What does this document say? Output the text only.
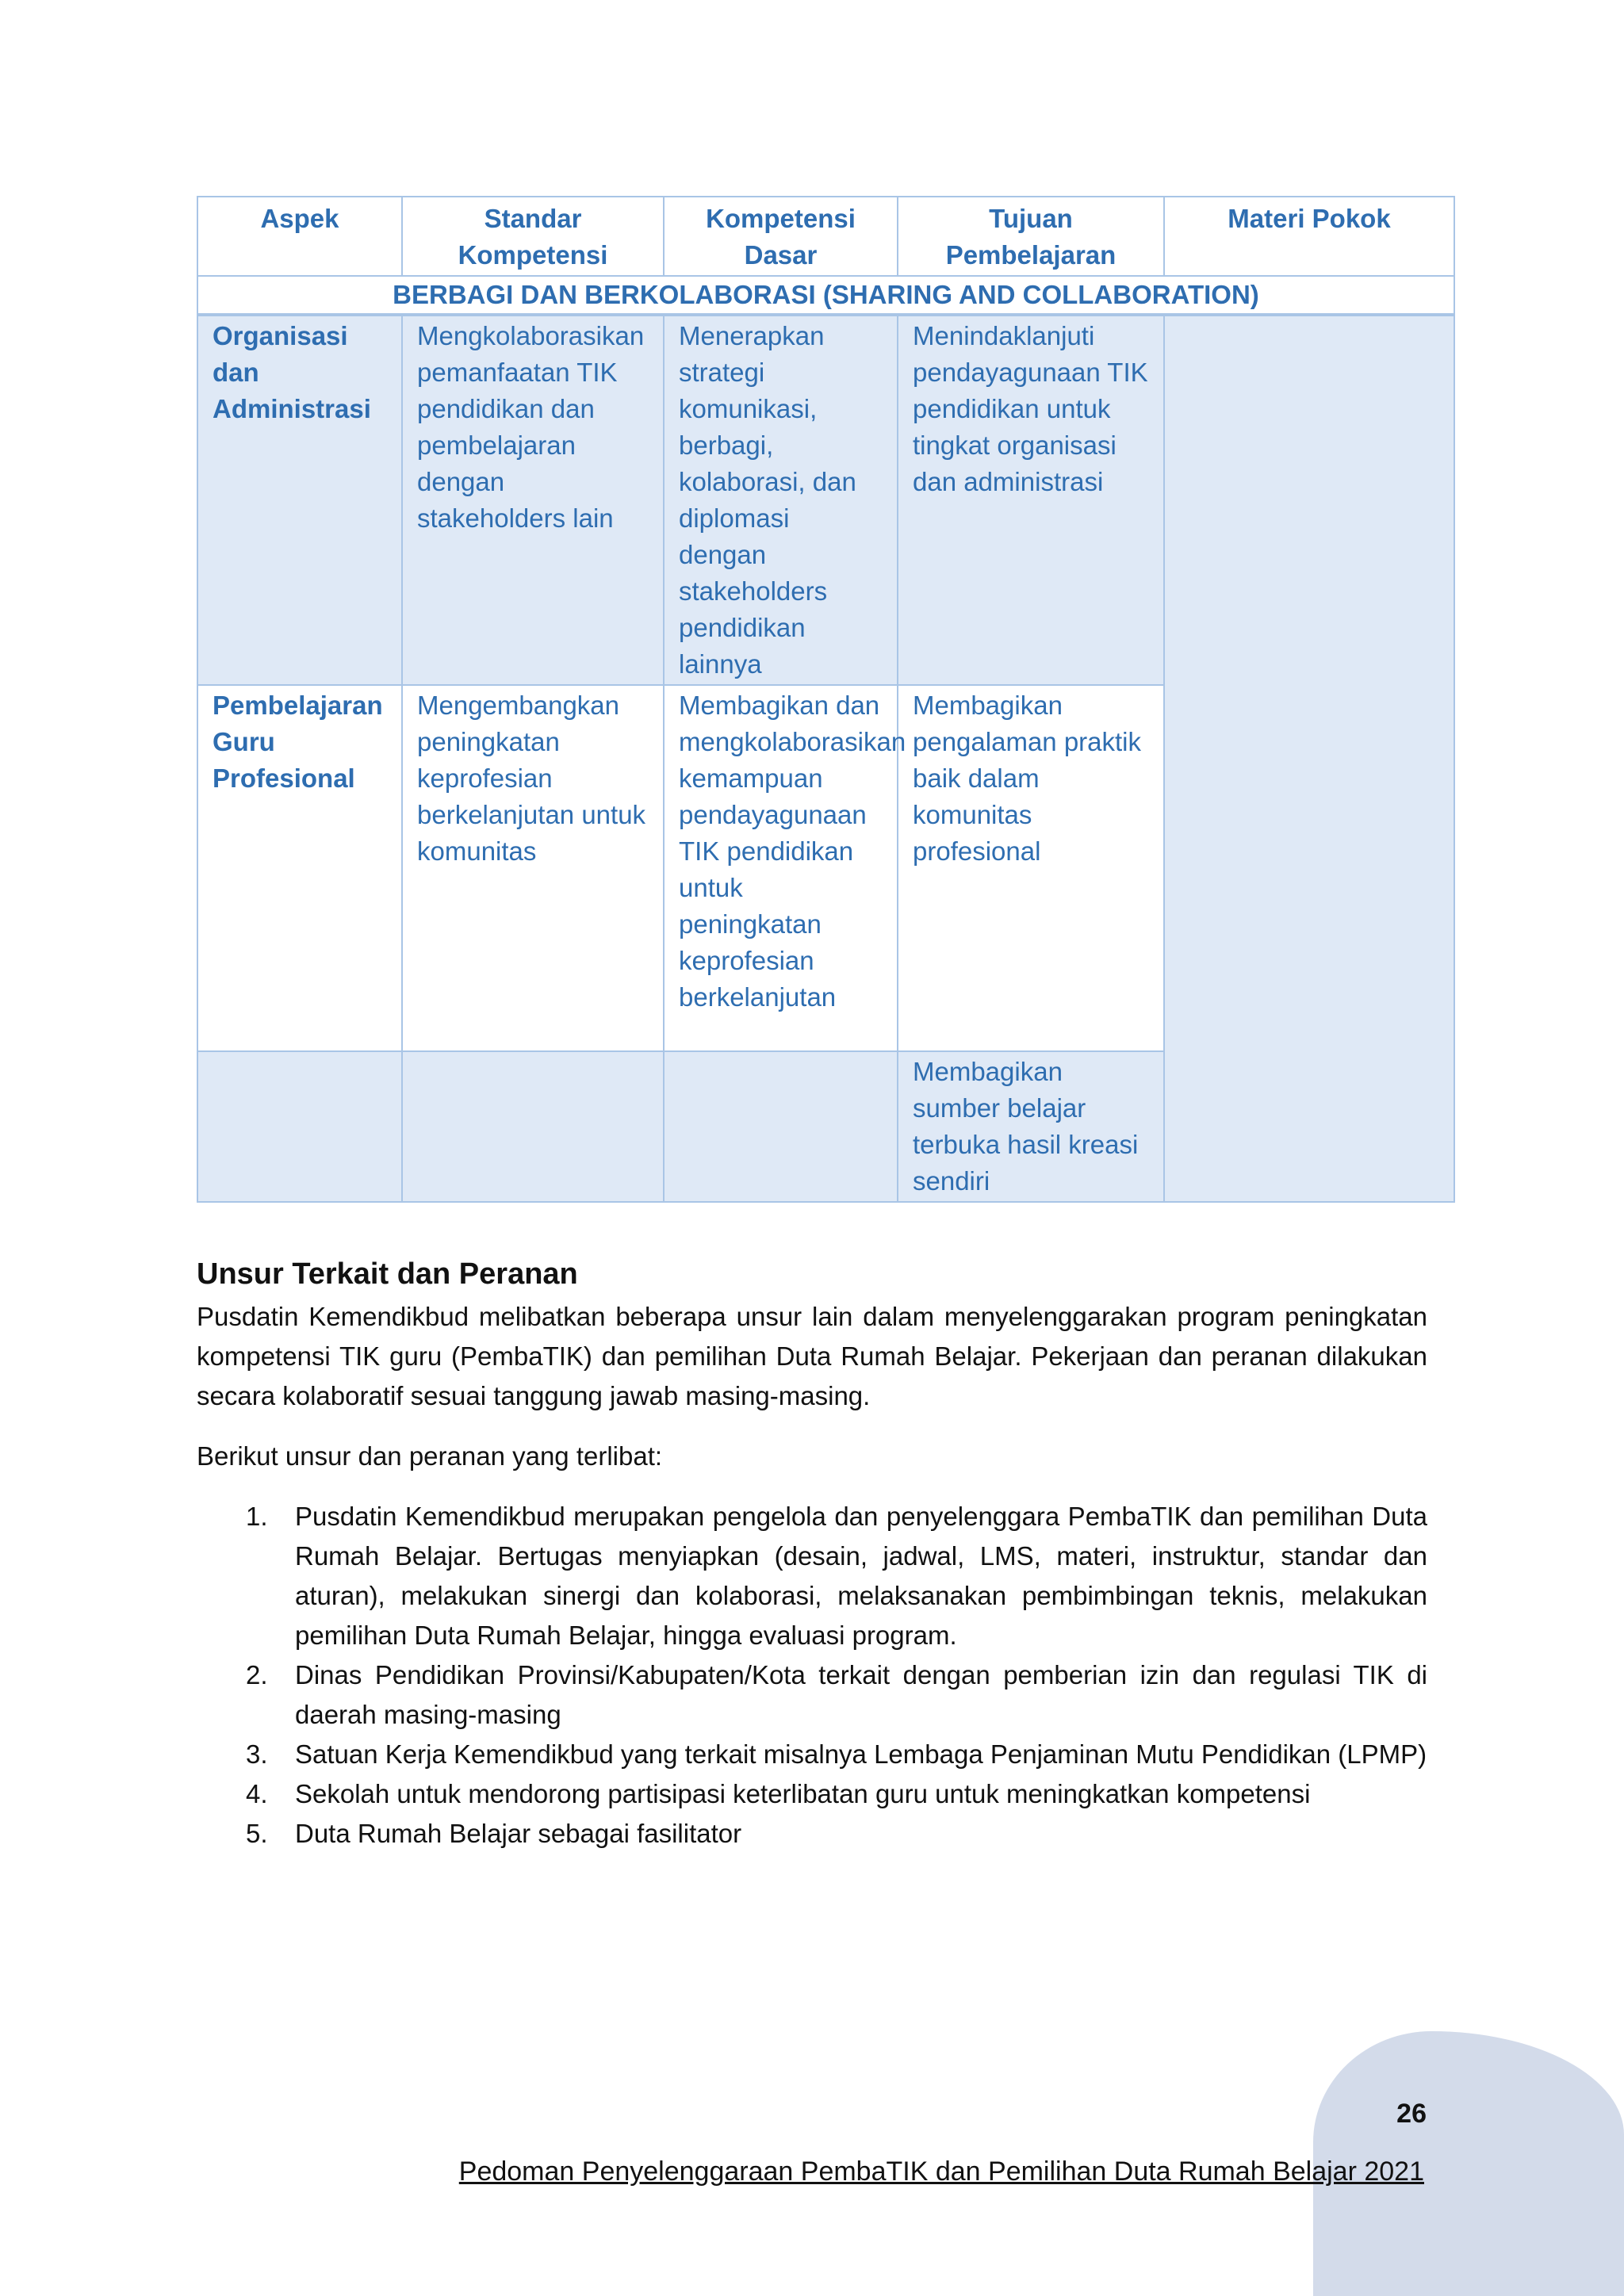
Aspek	Standar Kompetensi	Kompetensi Dasar	Tujuan Pembelajaran	Materi Pokok
BERBAGI DAN BERKOLABORASI (SHARING AND COLLABORATION)				
Organisasi dan Administrasi	Mengkolaborasikan pemanfaatan TIK pendidikan dan pembelajaran dengan stakeholders lain	Menerapkan strategi komunikasi, berbagi, kolaborasi, dan diplomasi dengan stakeholders pendidikan lainnya	Menindaklanjuti pendayagunaan TIK pendidikan untuk tingkat organisasi dan administrasi	
Pembelajaran Guru Profesional	Mengembangkan peningkatan keprofesian berkelanjutan untuk komunitas	Membagikan dan mengkolaborasikan kemampuan pendayagunaan TIK pendidikan untuk peningkatan keprofesian berkelanjutan	Membagikan pengalaman praktik baik dalam komunitas profesional	
			Membagikan sumber belajar terbuka hasil kreasi sendiri	
Unsur Terkait dan Peranan

Pusdatin Kemendikbud melibatkan beberapa unsur lain dalam menyelenggarakan program peningkatan kompetensi TIK guru (PembaTIK) dan pemilihan Duta Rumah Belajar. Pekerjaan dan peranan dilakukan secara kolaboratif sesuai tanggung jawab masing-masing.

Berikut unsur dan peranan yang terlibat:

1.	Pusdatin Kemendikbud merupakan pengelola dan penyelenggara PembaTIK dan pemilihan Duta Rumah Belajar. Bertugas menyiapkan (desain, jadwal, LMS, materi, instruktur, standar dan aturan), melakukan sinergi dan kolaborasi, melaksanakan pembimbingan teknis, melakukan pemilihan Duta Rumah Belajar, hingga evaluasi program.
2.	Dinas Pendidikan Provinsi/Kabupaten/Kota terkait dengan pemberian izin dan regulasi TIK di daerah masing-masing
3.	Satuan Kerja Kemendikbud yang terkait misalnya Lembaga Penjaminan Mutu Pendidikan (LPMP)
4.	Sekolah untuk mendorong partisipasi keterlibatan guru untuk meningkatkan kompetensi
5.	Duta Rumah Belajar sebagai fasilitator
26
Pedoman Penyelenggaraan PembaTIK dan Pemilihan Duta Rumah Belajar 2021
